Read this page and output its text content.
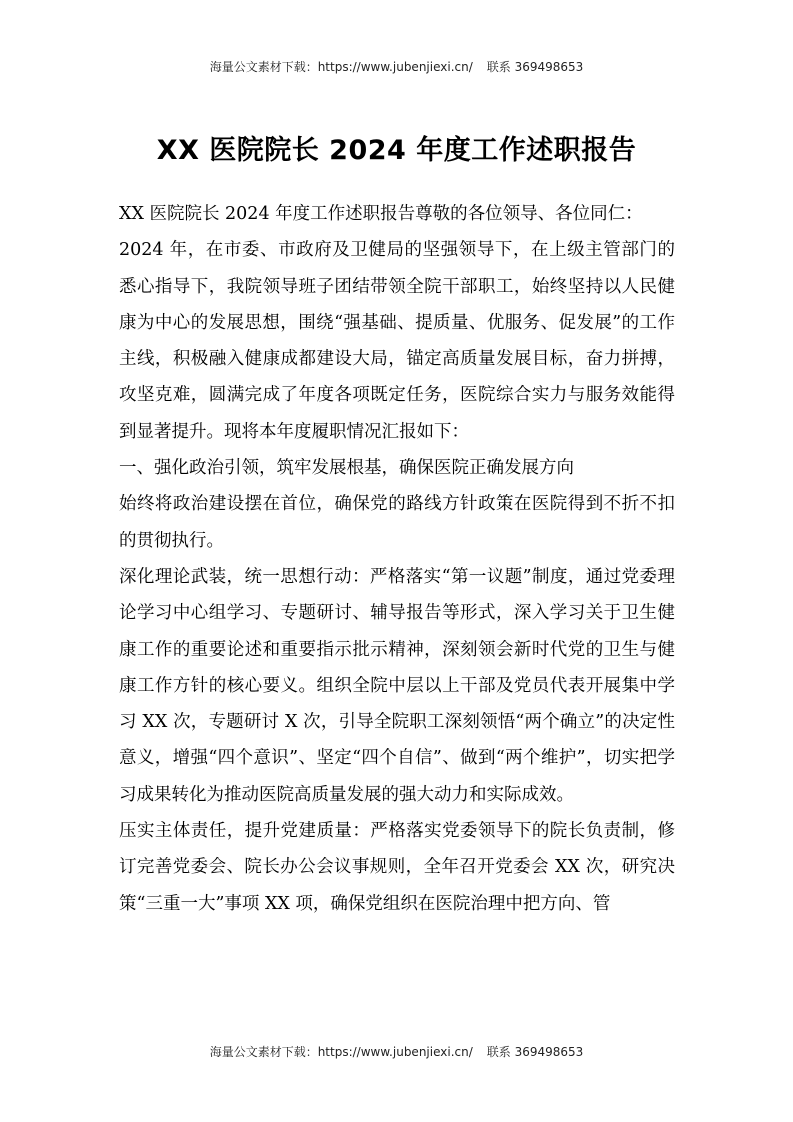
海量公文素材下载：https://www.jubenjiexi.cn/ 联系 369498653
XX 医院院长 2024 年度工作述职报告

XX 医院院长 2024 年度工作述职报告尊敬的各位领导、各位同仁：

2024 年，在市委、市政府及卫健局的坚强领导下，在上级主管部门的悉心指导下，我院领导班子团结带领全院干部职工，始终坚持以人民健康为中心的发展思想，围绕“强基础、提质量、优服务、促发展”的工作主线，积极融入健康成都建设大局，锚定高质量发展目标，奋力拼搏，攻坚克难，圆满完成了年度各项既定任务，医院综合实力与服务效能得到显著提升。现将本年度履职情况汇报如下：

一、强化政治引领，筑牢发展根基，确保医院正确发展方向

始终将政治建设摆在首位，确保党的路线方针政策在医院得到不折不扣的贯彻执行。

深化理论武装，统一思想行动：严格落实“第一议题”制度，通过党委理论学习中心组学习、专题研讨、辅导报告等形式，深入学习关于卫生健康工作的重要论述和重要指示批示精神，深刻领会新时代党的卫生与健康工作方针的核心要义。组织全院中层以上干部及党员代表开展集中学习 XX 次，专题研讨 X 次，引导全院职工深刻领悟“两个确立”的决定性意义，增强“四个意识”、坚定“四个自信”、做到“两个维护”，切实把学习成果转化为推动医院高质量发展的强大动力和实际成效。

压实主体责任，提升党建质量：严格落实党委领导下的院长负责制，修订完善党委会、院长办公会议事规则，全年召开党委会 XX 次，研究决策“三重一大”事项 XX 项，确保党组织在医院治理中把方向、管

海量公文素材下载：https://www.jubenjiexi.cn/ 联系 369498653
